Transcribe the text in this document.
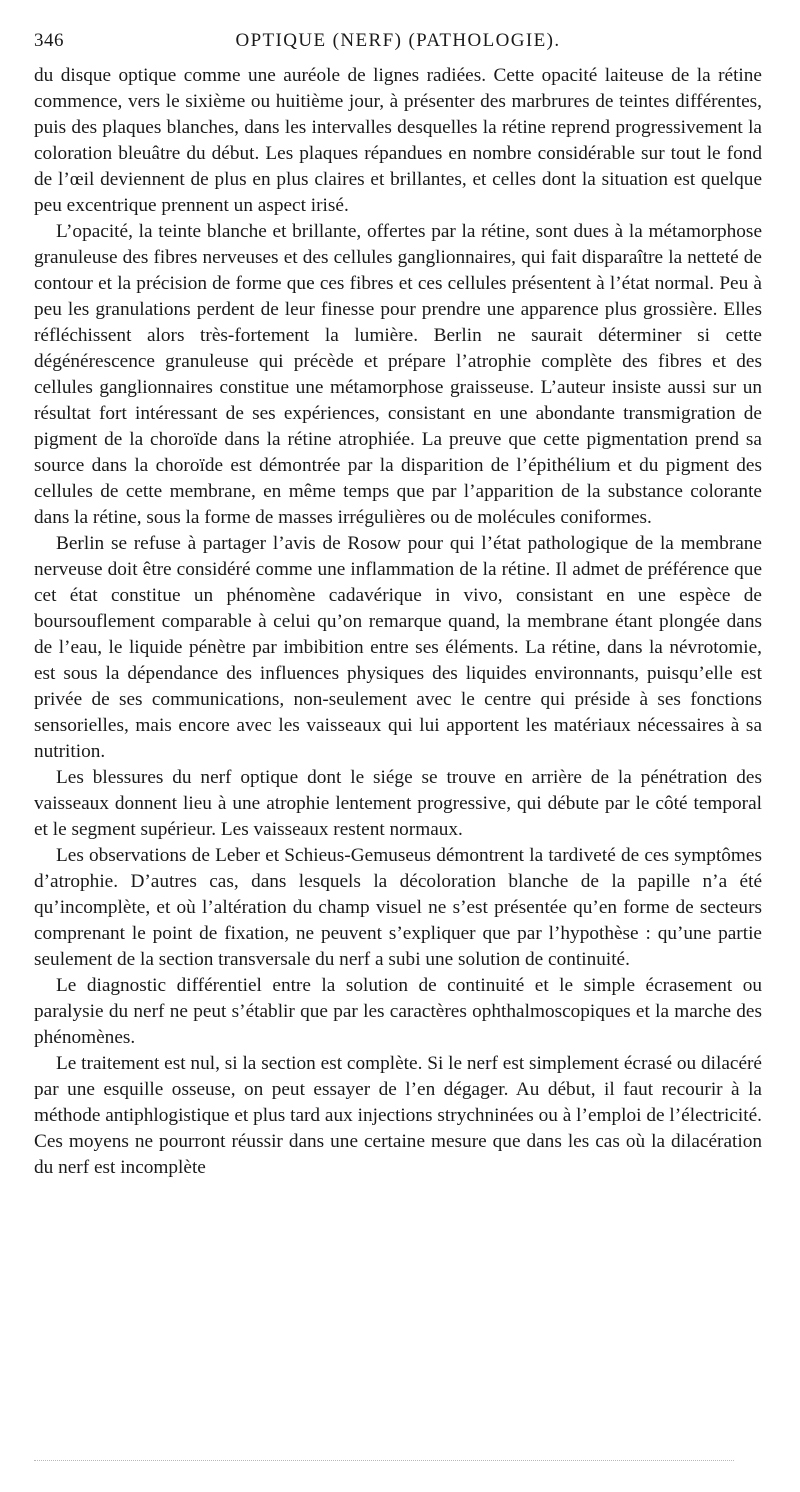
346	OPTIQUE (NERF) (PATHOLOGIE).

du disque optique comme une auréole de lignes radiées. Cette opacité laiteuse de la rétine commence, vers le sixième ou huitième jour, à présenter des marbrures de teintes différentes, puis des plaques blanches, dans les intervalles desquelles la rétine reprend progressivement la coloration bleuâtre du début. Les plaques répandues en nombre considérable sur tout le fond de l’œil deviennent de plus en plus claires et brillantes, et celles dont la situation est quelque peu excentrique prennent un aspect irisé.

L’opacité, la teinte blanche et brillante, offertes par la rétine, sont dues à la métamorphose granuleuse des fibres nerveuses et des cellules ganglionnaires, qui fait disparaître la netteté de contour et la précision de forme que ces fibres et ces cellules présentent à l’état normal. Peu à peu les granulations perdent de leur finesse pour prendre une apparence plus grossière. Elles réfléchissent alors très-fortement la lumière. Berlin ne saurait déterminer si cette dégénérescence granuleuse qui précède et prépare l’atrophie complète des fibres et des cellules ganglionnaires constitue une métamorphose graisseuse. L’auteur insiste aussi sur un résultat fort intéressant de ses expériences, consistant en une abondante transmigration de pigment de la choroïde dans la rétine atrophiée. La preuve que cette pigmentation prend sa source dans la choroïde est démontrée par la disparition de l’épithélium et du pigment des cellules de cette membrane, en même temps que par l’apparition de la substance colorante dans la rétine, sous la forme de masses irrégulières ou de molécules coniformes.

Berlin se refuse à partager l’avis de Rosow pour qui l’état pathologique de la membrane nerveuse doit être considéré comme une inflammation de la rétine. Il admet de préférence que cet état constitue un phénomène cadavérique in vivo, consistant en une espèce de boursouflement comparable à celui qu’on remarque quand, la membrane étant plongée dans de l’eau, le liquide pénètre par imbibition entre ses éléments. La rétine, dans la névrotomie, est sous la dépendance des influences physiques des liquides environnants, puisqu’elle est privée de ses communications, non-seulement avec le centre qui préside à ses fonctions sensorielles, mais encore avec les vaisseaux qui lui apportent les matériaux nécessaires à sa nutrition.

Les blessures du nerf optique dont le siége se trouve en arrière de la pénétration des vaisseaux donnent lieu à une atrophie lentement progressive, qui débute par le côté temporal et le segment supérieur. Les vaisseaux restent normaux.

Les observations de Leber et Schieus-Gemuseus démontrent la tardiveté de ces symptômes d’atrophie. D’autres cas, dans lesquels la décoloration blanche de la papille n’a été qu’incomplète, et où l’altération du champ visuel ne s’est présentée qu’en forme de secteurs comprenant le point de fixation, ne peuvent s’expliquer que par l’hypothèse : qu’une partie seulement de la section transversale du nerf a subi une solution de continuité.

Le diagnostic différentiel entre la solution de continuité et le simple écrasement ou paralysie du nerf ne peut s’établir que par les caractères ophthalmoscopiques et la marche des phénomènes.

Le traitement est nul, si la section est complète. Si le nerf est simplement écrasé ou dilacéré par une esquille osseuse, on peut essayer de l’en dégager. Au début, il faut recourir à la méthode antiphlogistique et plus tard aux injections strychninées ou à l’emploi de l’électricité. Ces moyens ne pourront réussir dans une certaine mesure que dans les cas où la dilacération du nerf est incomplète
